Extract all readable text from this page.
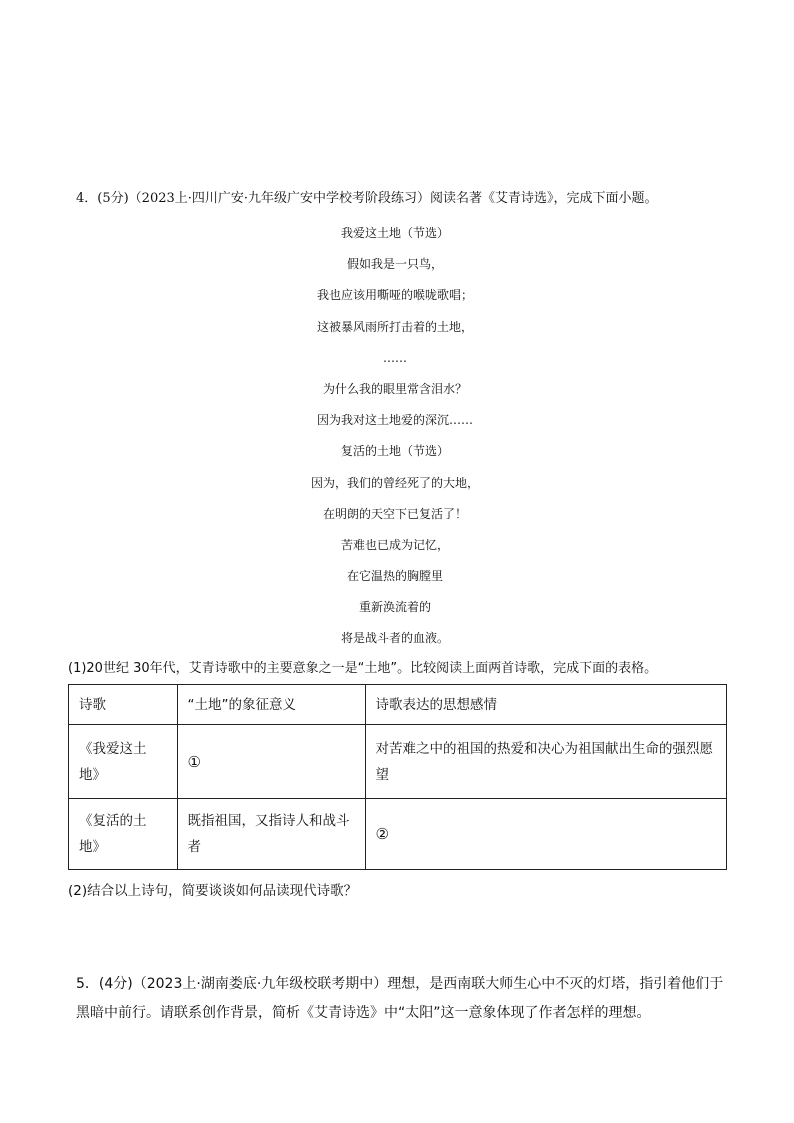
4．(5分)（2023上·四川广安·九年级广安中学校考阶段练习）阅读名著《艾青诗选》，完成下面小题。
我爱这土地（节选）
假如我是一只鸟，
我也应该用嘶哑的喉咙歌唱；
这被暴风雨所打击着的土地，
……
为什么我的眼里常含泪水？
因为我对这土地爱的深沉……
复活的土地（节选）
因为，我们的曾经死了的大地，
在明朗的天空下已复活了！
苦难也已成为记忆，
在它温热的胸膛里
重新涣流着的
将是战斗者的血液。
(1)20世纪 30年代，艾青诗歌中的主要意象之一是“土地”。比较阅读上面两首诗歌，完成下面的表格。
诗歌	“土地”的象征意义	诗歌表达的思想感情
《我爱这土地》	①	对苦难之中的祖国的热爱和决心为祖国献出生命的强烈愿望
《复活的土地》	既指祖国，又指诗人和战斗者	②
(2)结合以上诗句，简要谈谈如何品读现代诗歌？
5．(4分)（2023上·湖南娄底·九年级校联考期中）理想，是西南联大师生心中不灭的灯塔，指引着他们于
黑暗中前行。请联系创作背景，简析《艾青诗选》中“太阳”这一意象体现了作者怎样的理想。
